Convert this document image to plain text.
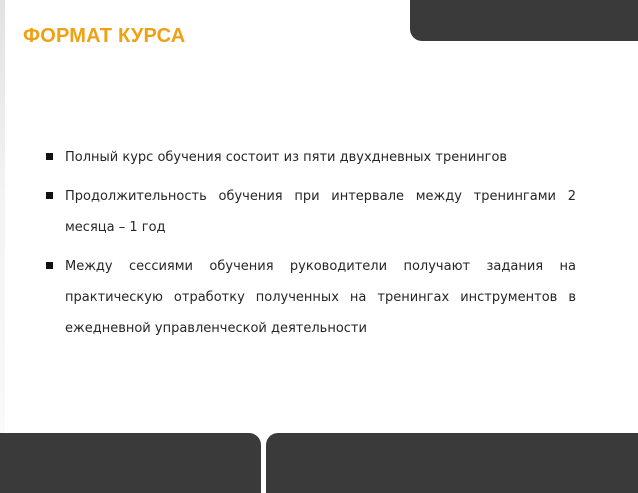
ФОРМАТ КУРСА
Полный курс обучения состоит из пяти двухдневных тренингов
Продолжительность обучения при интервале между тренингами 2 месяца – 1 год
Между сессиями обучения руководители получают задания на практическую отработку полученных на тренингах инструментов в ежедневной управленческой деятельности
